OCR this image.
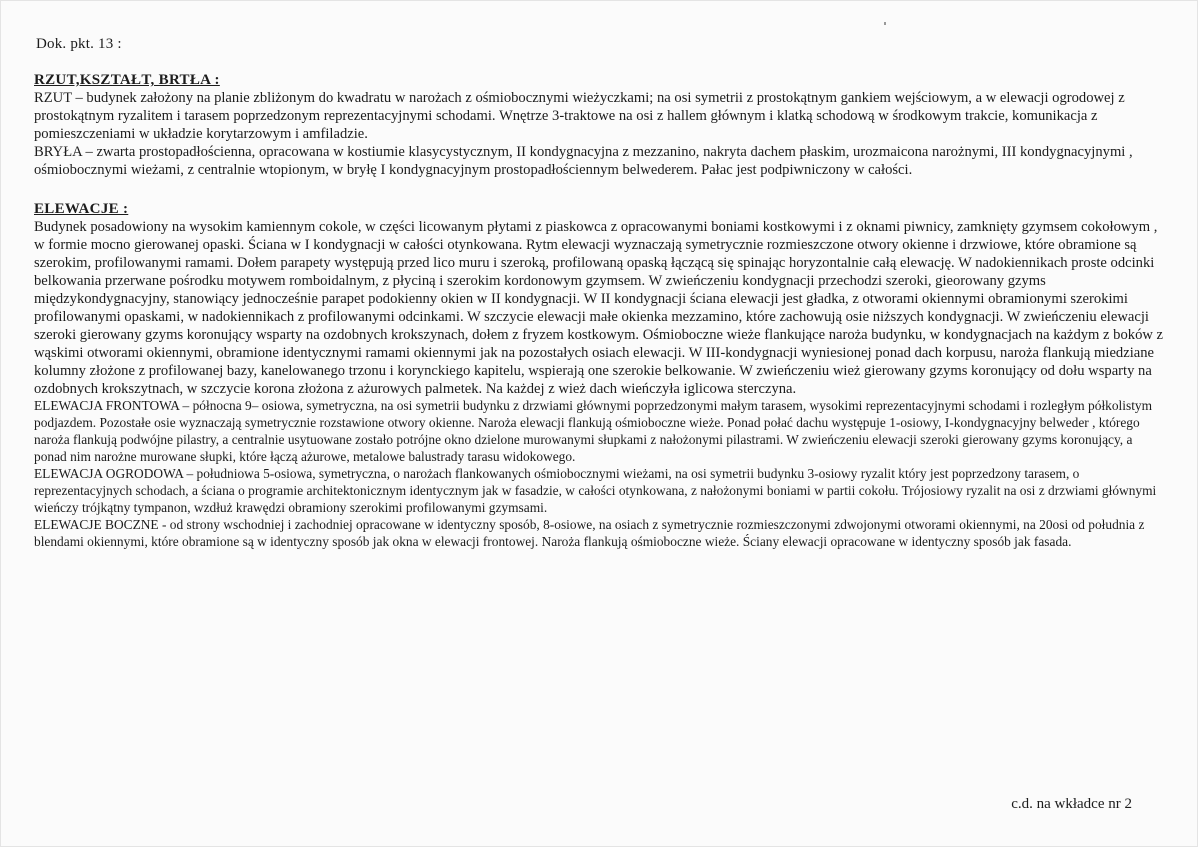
Dok. pkt. 13 :

RZUT,KSZTAŁT, BRTŁA :

RZUT – budynek założony na planie zbliżonym do kwadratu w narożach z ośmiobocznymi wieżyczkami; na osi symetrii z prostokątnym gankiem wejściowym, a w elewacji ogrodowej z prostokątnym ryzalitem i tarasem poprzedzonym reprezentacyjnymi schodami. Wnętrze 3-traktowe na osi z hallem głównym i klatką schodową w środkowym trakcie, komunikacja z pomieszczeniami w układzie korytarzowym i amfiladzie.

BRYŁA – zwarta prostopadłościenna, opracowana w kostiumie klasycystycznym, II kondygnacyjna z mezzanino, nakryta dachem płaskim, urozmaicona narożnymi, III kondygnacyjnymi , ośmiobocznymi wieżami, z centralnie wtopionym, w bryłę I kondygnacyjnym prostopadłościennym belwederem. Pałac jest podpiwniczony w całości.

ELEWACJE :

Budynek posadowiony na wysokim kamiennym cokole, w części licowanym płytami z piaskowca z opracowanymi boniami kostkowymi i z oknami piwnicy, zamknięty gzymsem cokołowym , w formie mocno gierowanej opaski. Ściana w I kondygnacji w całości otynkowana. Rytm elewacji wyznaczają symetrycznie rozmieszczone otwory okienne i drzwiowe, które obramione są szerokim, profilowanymi ramami. Dołem parapety występują przed lico muru i szeroką, profilowaną opaską łączącą się spinając horyzontalnie całą elewację. W nadokiennikach proste odcinki belkowania przerwane pośrodku motywem romboidalnym, z płyciną i szerokim kordonowym gzymsem. W zwieńczeniu kondygnacji przechodzi szeroki, gieorowany gzyms międzykondygnacyjny, stanowiący jednocześnie parapet podokienny okien w II kondygnacji. W II kondygnacji ściana elewacji jest gładka, z otworami okiennymi obramionymi szerokimi profilowanymi opaskami, w nadokiennikach z profilowanymi odcinkami. W szczycie elewacji małe okienka mezzamino, które zachowują osie niższych kondygnacji. W zwieńczeniu elewacji szeroki gierowany gzyms koronujący wsparty na ozdobnych krokszynach, dołem z fryzem kostkowym. Ośmioboczne wieże flankujące naroża budynku, w kondygnacjach na każdym z boków z wąskimi otworami okiennymi, obramione identycznymi ramami okiennymi jak na pozostałych osiach elewacji. W III-kondygnacji wyniesionej ponad dach korpusu, naroża flankują miedziane kolumny złożone z profilowanej bazy, kanelowanego trzonu i korynckiego kapitelu, wspierają one szerokie belkowanie. W zwieńczeniu wież gierowany gzyms koronujący od dołu wsparty na ozdobnych krokszytnach, w szczycie korona złożona z ażurowych palmetek. Na każdej z wież dach wieńczyła iglicowa sterczyna.

ELEWACJA FRONTOWA – północna 9– osiowa, symetryczna, na osi symetrii budynku z drzwiami głównymi poprzedzonymi małym tarasem, wysokimi reprezentacyjnymi schodami i rozległym półkolistym podjazdem. Pozostałe osie wyznaczają symetrycznie rozstawione otwory okienne. Naroża elewacji flankują ośmioboczne wieże. Ponad połać dachu występuje 1-osiowy, I-kondygnacyjny belweder , którego naroża flankują podwójne pilastry, a centralnie usytuowane zostało potrójne okno dzielone murowanymi słupkami z nałożonymi pilastrami. W zwieńczeniu elewacji szeroki gierowany gzyms koronujący, a ponad nim narożne murowane słupki, które łączą ażurowe, metalowe balustrady tarasu widokowego.

ELEWACJA OGRODOWA – południowa 5-osiowa, symetryczna, o narożach flankowanych ośmiobocznymi wieżami, na osi symetrii budynku 3-osiowy ryzalit który jest poprzedzony tarasem, o reprezentacyjnych schodach, a ściana o programie architektonicznym identycznym jak w fasadzie, w całości otynkowana, z nałożonymi boniami w partii cokołu. Trójosiowy ryzalit na osi z drzwiami głównymi wieńczy trójkątny tympanon, wzdłuż krawędzi obramiony szerokimi profilowanymi gzymsami.

ELEWACJE BOCZNE - od strony wschodniej i zachodniej opracowane w identyczny sposób, 8-osiowe, na osiach z symetrycznie rozmieszczonymi zdwojonymi otworami okiennymi, na 20osi od południa z blendami okiennymi, które obramione są w identyczny sposób jak okna w elewacji frontowej. Naroża flankują ośmioboczne wieże. Ściany elewacji opracowane w identyczny sposób jak fasada.

c.d. na wkładce nr 2
